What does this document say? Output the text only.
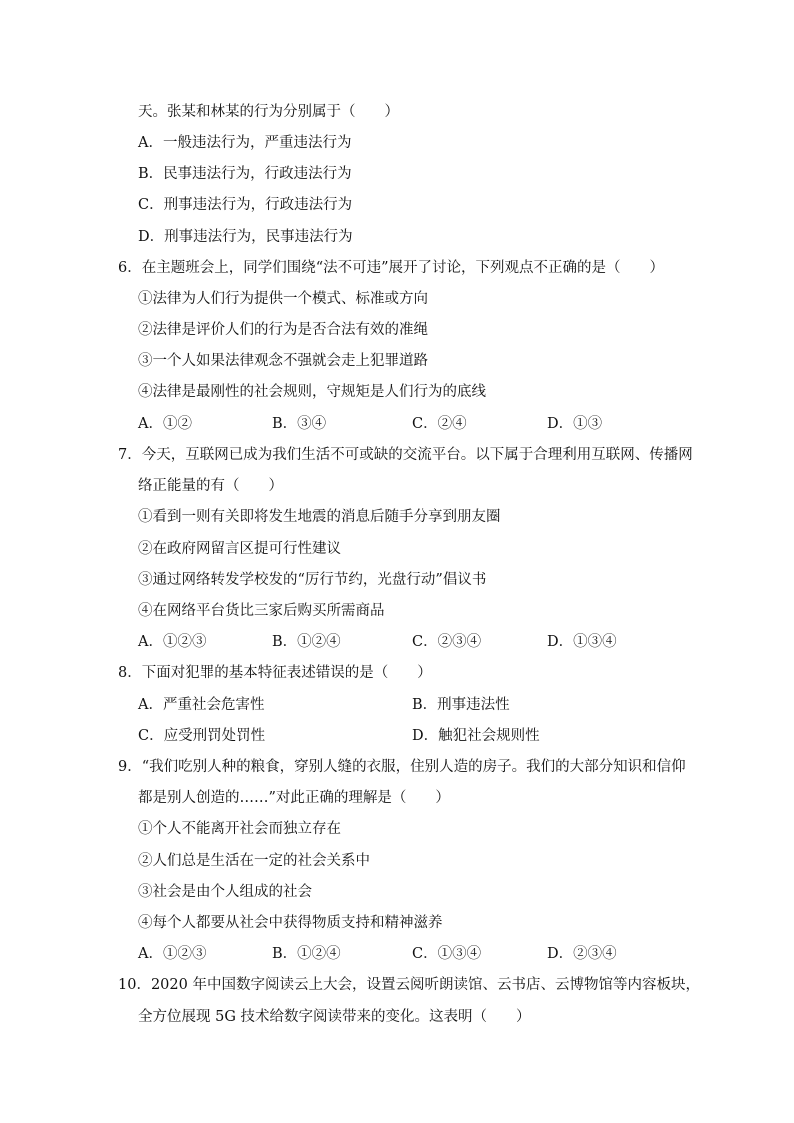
天。张某和林某的行为分别属于（　　）
A．一般违法行为，严重违法行为
B．民事违法行为，行政违法行为
C．刑事违法行为，行政违法行为
D．刑事违法行为，民事违法行为
6．在主题班会上，同学们围绕“法不可违”展开了讨论，下列观点不正确的是（　　）
①法律为人们行为提供一个模式、标准或方向
②法律是评价人们的行为是否合法有效的准绳
③一个人如果法律观念不强就会走上犯罪道路
④法律是最刚性的社会规则，守规矩是人们行为的底线
A．①②	B．③④	C．②④	D．①③
7．今天，互联网已成为我们生活不可或缺的交流平台。以下属于合理利用互联网、传播网
络正能量的有（　　）
①看到一则有关即将发生地震的消息后随手分享到朋友圈
②在政府网留言区提可行性建议
③通过网络转发学校发的“厉行节约，光盘行动”倡议书
④在网络平台货比三家后购买所需商品
A．①②③	B．①②④	C．②③④	D．①③④
8．下面对犯罪的基本特征表述错误的是（　　）
A．严重社会危害性	B．刑事违法性
C．应受刑罚处罚性	D．触犯社会规则性
9．“我们吃别人种的粮食，穿别人缝的衣服，住别人造的房子。我们的大部分知识和信仰
都是别人创造的……”对此正确的理解是（　　）
①个人不能离开社会而独立存在
②人们总是生活在一定的社会关系中
③社会是由个人组成的社会
④每个人都要从社会中获得物质支持和精神滋养
A．①②③	B．①②④	C．①③④	D．②③④
10．2020 年中国数字阅读云上大会，设置云阅听朗读馆、云书店、云博物馆等内容板块，
全方位展现 5G 技术给数字阅读带来的变化。这表明（　　）
